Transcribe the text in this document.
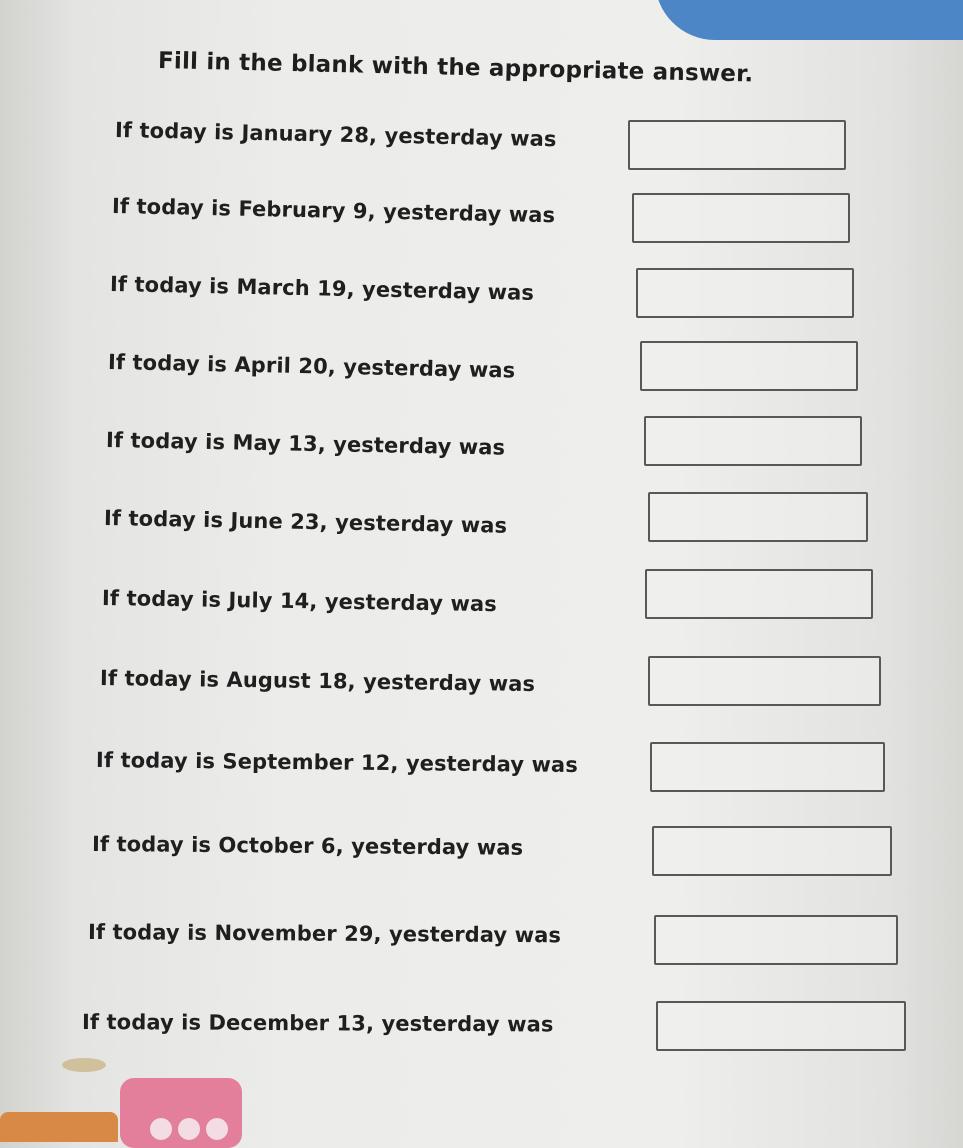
Fill in the blank with the appropriate answer.
If today is January 28, yesterday was
If today is February 9, yesterday was
If today is March 19, yesterday was
If today is April 20, yesterday was
If today is May 13, yesterday was
If today is June 23, yesterday was
If today is July 14, yesterday was
If today is August 18, yesterday was
If today is September 12, yesterday was
If today is October 6, yesterday was
If today is November 29, yesterday was
If today is December 13, yesterday was
